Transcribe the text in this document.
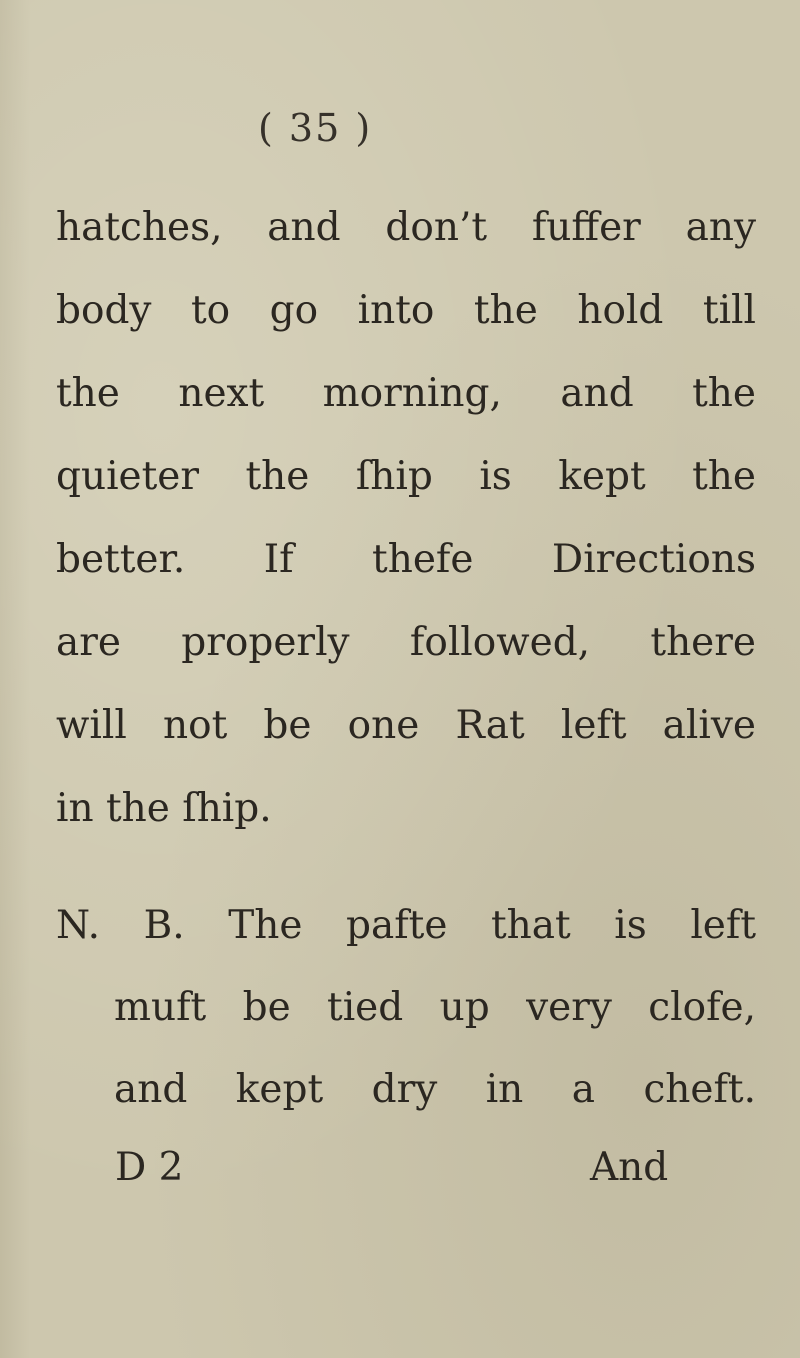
( 35 )
hatches, and don’t fuffer any
body to go into the hold till
the next morning, and the
quieter the ſhip is kept the
better. If thefe Directions
are properly followed, there
will not be one Rat left alive
in the ſhip.
N. B. The pafte that is left
muft be tied up very clofe,
and kept dry in a cheft.
D 2	And
